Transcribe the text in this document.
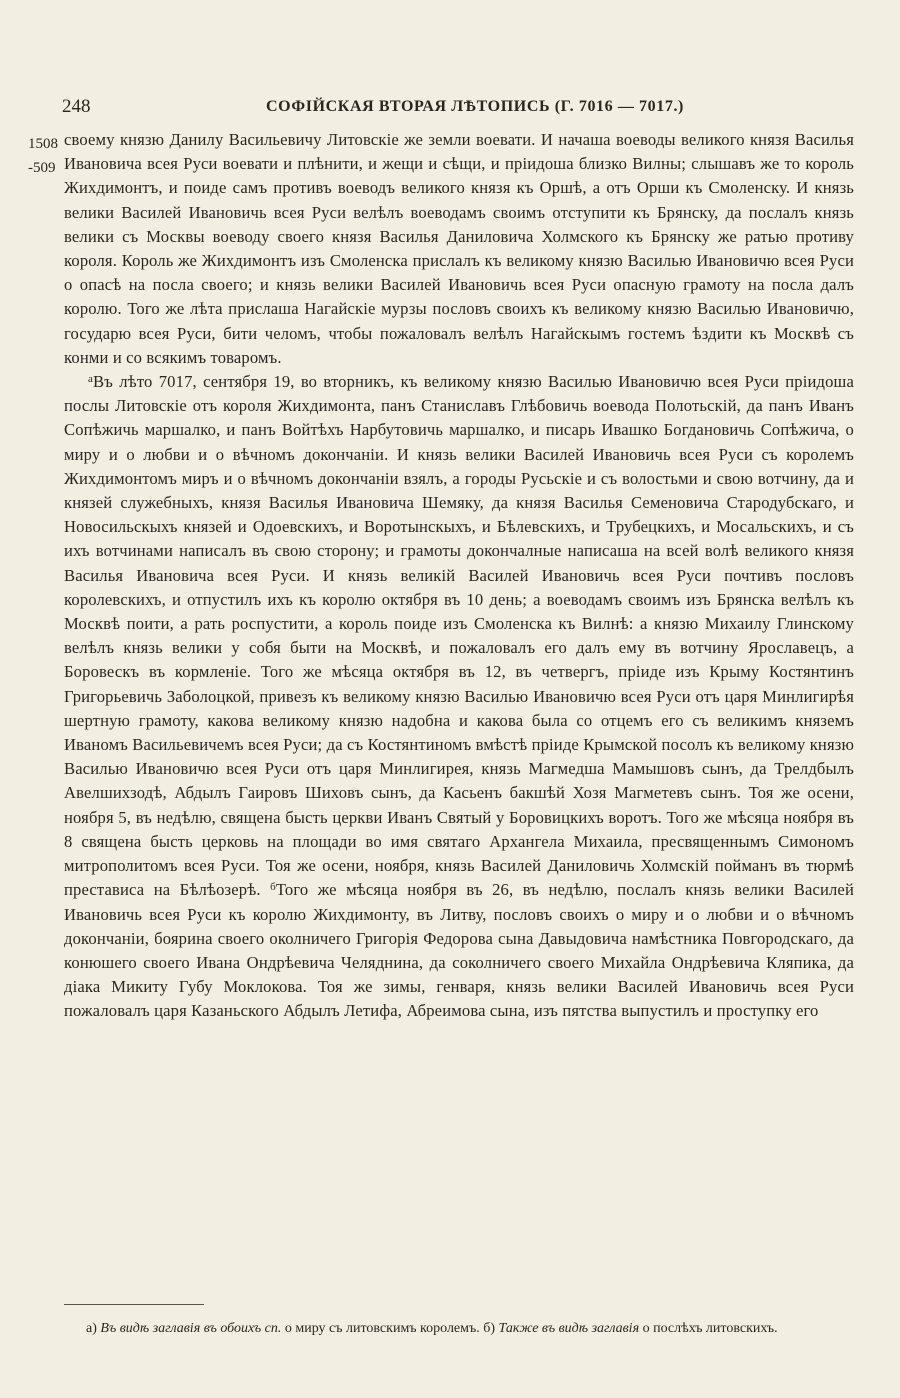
248	СОФІЙСКАЯ ВТОРАЯ ЛѢТОПИСЬ (Г. 7016 — 7017.)
1508
-509

своему князю Данилу Васильевичу Литовскіе же земли воевати. И начаша воеводы великого князя Василья Ивановича всея Руси воевати и плѣнити, и жещи и сѣщи, и пріидоша близко Вилны; слышавъ же то король Жихдимонтъ, и поиде самъ противъ воеводъ великого князя къ Оршѣ, а отъ Орши къ Смоленску. И князь велики Василей Ивановичь всея Руси велѣлъ воеводамъ своимъ отступити къ Брянску, да послалъ князь велики съ Москвы воеводу своего князя Василья Даниловича Холмского къ Брянску же ратью противу короля. Король же Жихдимонтъ изъ Смоленска прислалъ къ великому князю Василью Ивановичю всея Руси о опасѣ на посла своего; и князь велики Василей Ивановичь всея Руси опасную грамоту на посла далъ королю. Того же лѣта прислаша Нагайскіе мурзы пословъ своихъ къ великому князю Василью Ивановичю, государю всея Руси, бити челомъ, чтобы пожаловалъ велѣлъ Нагайскымъ гостемъ ѣздити къ Москвѣ съ конми и со всякимъ товаромъ.

$^а$Въ лѣто 7017, сентября 19, во вторникъ, къ великому князю Василью Ивановичю всея Руси пріидоша послы Литовскіе отъ короля Жихдимонта, панъ Станиславъ Глѣбовичь воевода Полотьскій, да панъ Иванъ Сопѣжичь маршалко, и панъ Войтѣхъ Нарбутовичь маршалко, и писарь Ивашко Богдановичь Сопѣжича, о миру и о любви и о вѣчномъ докончаніи. И князь велики Василей Ивановичь всея Руси съ королемъ Жихдимонтомъ миръ и о вѣчномъ докончаніи взялъ, а городы Русьскіе и съ волостьми и свою вотчину, да и князей служебныхъ, князя Василья Ивановича Шемяку, да князя Василья Семеновича Стародубскаго, и Новосильскыхъ князей и Одоевскихъ, и Воротынскыхъ, и Бѣлевскихъ, и Трубецкихъ, и Мосальскихъ, и съ ихъ вотчинами написалъ въ свою сторону; и грамоты докончалные написаша на всей волѣ великого князя Василья Ивановича всея Руси. И князь великій Василей Ивановичь всея Руси почтивъ пословъ королевскихъ, и отпустилъ ихъ къ королю октября въ 10 день; а воеводамъ своимъ изъ Брянска велѣлъ къ Москвѣ поити, а рать роспустити, а король поиде изъ Смоленска къ Вилнѣ: а князю Михаилу Глинскому велѣлъ князь велики у собя быти на Москвѣ, и пожаловалъ его далъ ему въ вотчину Ярославецъ, а Боровескъ въ кормленіе. Того же мѣсяца октября въ 12, въ четвергъ, пріиде изъ Крыму Костянтинъ Григорьевичь Заболоцкой, привезъ къ великому князю Василью Ивановичю всея Руси отъ царя Минлигирѣя шертную грамоту, какова великому князю надобна и какова была со отцемъ его съ великимъ княземъ Иваномъ Васильевичемъ всея Руси; да съ Костянтиномъ вмѣстѣ пріиде Крымской посолъ къ великому князю Василью Ивановичю всея Руси отъ царя Минлигирея, князь Магмедша Мамышовъ сынъ, да Трелдбылъ Авелшихзодѣ, Абдылъ Гаировъ Шиховъ сынъ, да Касьенъ бакшѣй Хозя Магметевъ сынъ. Тоя же осени, ноября 5, въ недѣлю, священа бысть церкви Иванъ Святый у Боровицкихъ воротъ. Того же мѣсяца ноября въ 8 священа бысть церковь на площади во имя святаго Архангела Михаила, пресвященнымъ Симономъ митрополитомъ всея Руси. Тоя же осени, ноября, князь Василей Даниловичь Холмскій пойманъ въ тюрмѣ престависа на Бѣлѣозерѣ. $^б$Того же мѣсяца ноября въ 26, въ недѣлю, послалъ князь велики Василей Ивановичь всея Руси къ королю Жихдимонту, въ Литву, пословъ своихъ о миру и о любви и о вѣчномъ докончаніи, боярина своего околничего Григорія Федорова сына Давыдовича намѣстника Повгородскаго, да конюшего своего Ивана Ондрѣевича Челяднина, да соколничего своего Михайла Ондрѣевича Кляпика, да діака Микиту Губу Моклокова. Тоя же зимы, генваря, князь велики Василей Ивановичь всея Руси пожаловалъ царя Казаньского Абдылъ Летифа, Абреимова сына, изъ пятства выпустилъ и проступку его

а) Въ видѣ заглавія въ обоихъ сп. о миру съ литовскимъ королемъ. б) Также въ видѣ заглавія о послѣхъ литовскихъ.
